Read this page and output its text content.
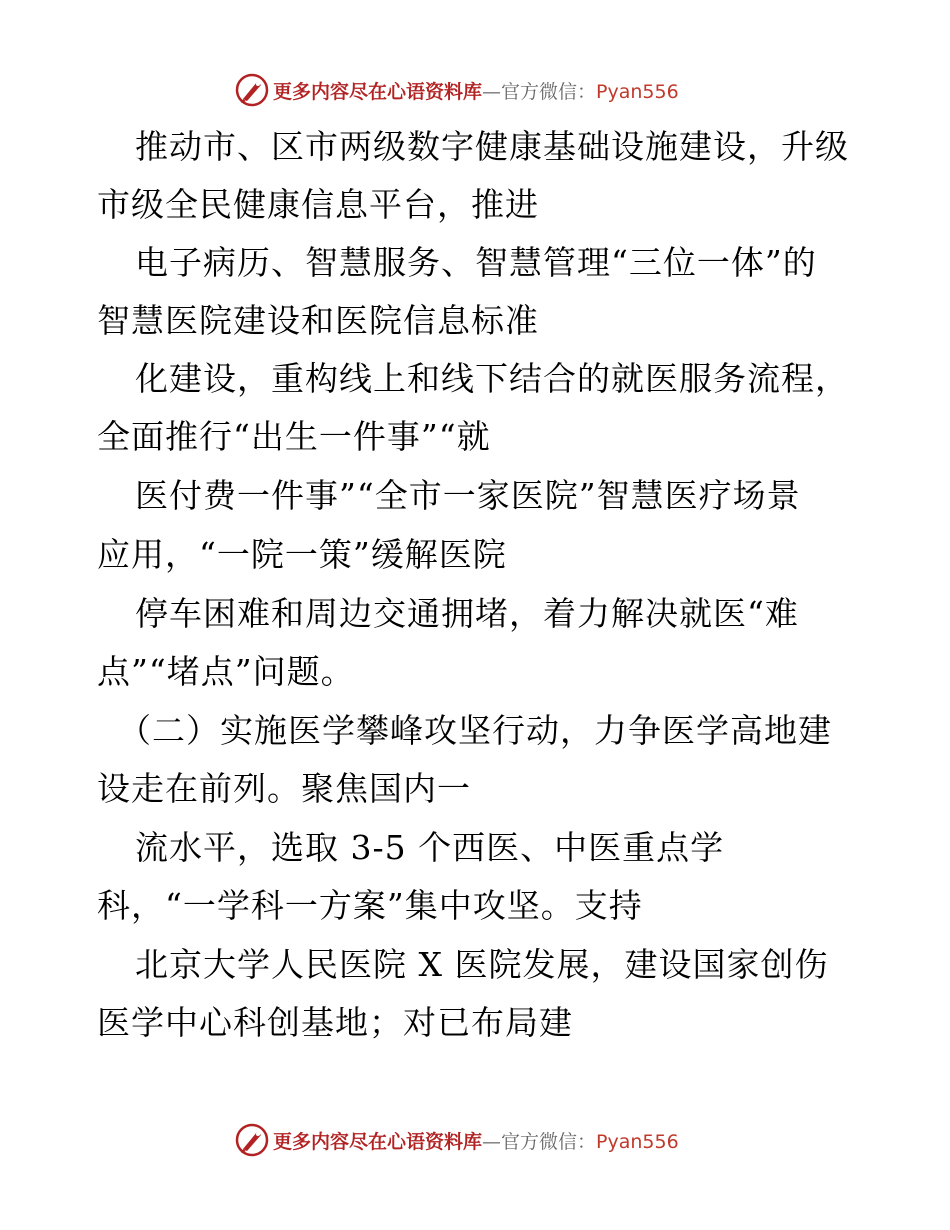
更多内容尽在心语资料库—官方微信：Pyan556
推动市、区市两级数字健康基础设施建设，升级
市级全民健康信息平台，推进
电子病历、智慧服务、智慧管理“三位一体”的
智慧医院建设和医院信息标准
化建设，重构线上和线下结合的就医服务流程，
全面推行“出生一件事”“就
医付费一件事”“全市一家医院”智慧医疗场景
应用，“一院一策”缓解医院
停车困难和周边交通拥堵，着力解决就医“难
点”“堵点”问题。
（二）实施医学攀峰攻坚行动，力争医学高地建
设走在前列。聚焦国内一
流水平，选取 3-5 个西医、中医重点学
科，“一学科一方案”集中攻坚。支持
北京大学人民医院 X 医院发展，建设国家创伤
医学中心科创基地；对已布局建
更多内容尽在心语资料库—官方微信：Pyan556
